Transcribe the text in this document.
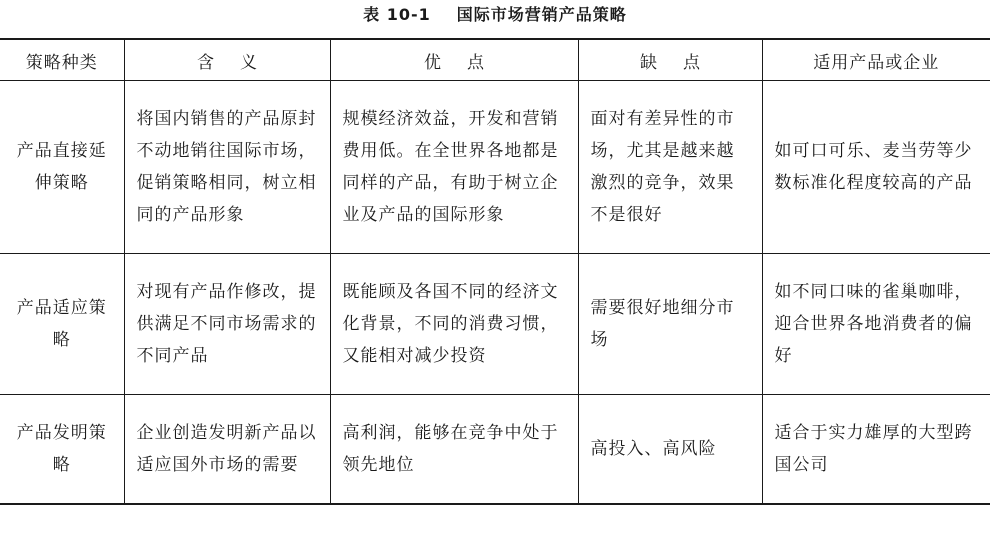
表 10-1 国际市场营销产品策略
策略种类	含义	优点	缺点	适用产品或企业
产品直接延伸策略	将国内销售的产品原封不动地销往国际市场，促销策略相同，树立相同的产品形象	规模经济效益，开发和营销费用低。在全世界各地都是同样的产品，有助于树立企业及产品的国际形象	面对有差异性的市场，尤其是越来越激烈的竞争，效果不是很好	如可口可乐、麦当劳等少数标准化程度较高的产品
产品适应策略	对现有产品作修改，提供满足不同市场需求的不同产品	既能顾及各国不同的经济文化背景，不同的消费习惯，又能相对减少投资	需要很好地细分市场	如不同口味的雀巢咖啡，迎合世界各地消费者的偏好
产品发明策略	企业创造发明新产品以适应国外市场的需要	高利润，能够在竞争中处于领先地位	高投入、高风险	适合于实力雄厚的大型跨国公司
